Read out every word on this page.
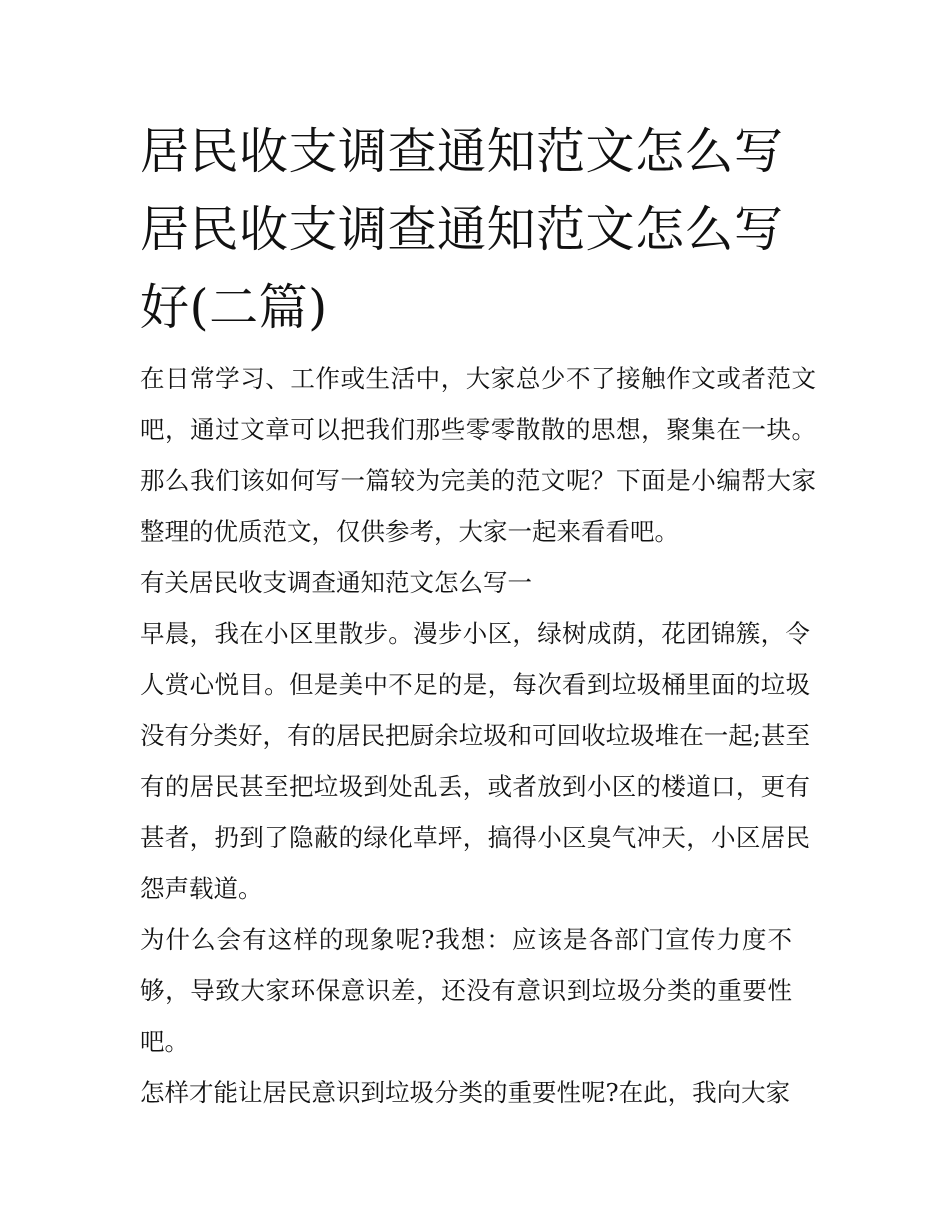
居民收支调查通知范文怎么写
居民收支调查通知范文怎么写
好(二篇)

在日常学习、工作或生活中，大家总少不了接触作文或者范文吧，通过文章可以把我们那些零零散散的思想，聚集在一块。那么我们该如何写一篇较为完美的范文呢？下面是小编帮大家整理的优质范文，仅供参考，大家一起来看看吧。

有关居民收支调查通知范文怎么写一

早晨，我在小区里散步。漫步小区，绿树成荫，花团锦簇，令人赏心悦目。但是美中不足的是，每次看到垃圾桶里面的垃圾没有分类好，有的居民把厨余垃圾和可回收垃圾堆在一起;甚至有的居民甚至把垃圾到处乱丢，或者放到小区的楼道口，更有甚者，扔到了隐蔽的绿化草坪，搞得小区臭气冲天，小区居民怨声载道。

为什么会有这样的现象呢?我想：应该是各部门宣传力度不够，导致大家环保意识差，还没有意识到垃圾分类的重要性吧。

怎样才能让居民意识到垃圾分类的重要性呢?在此，我向大家
